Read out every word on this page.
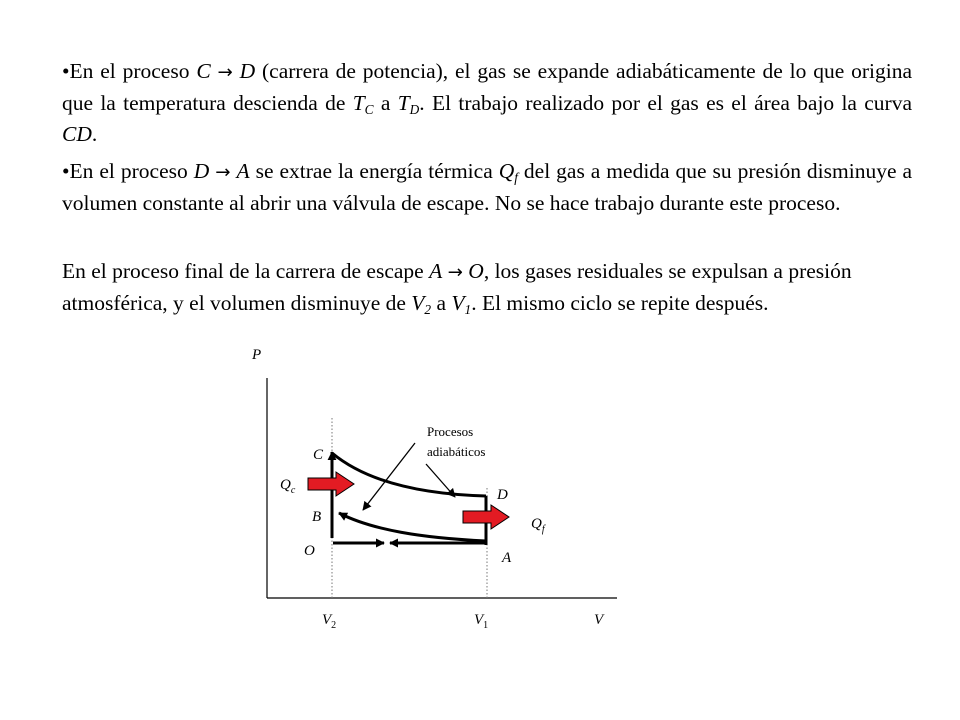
•En el proceso C → D (carrera de potencia), el gas se expande adiabáticamente de lo que origina que la temperatura descienda de $T_C$ a $T_D$. El trabajo realizado por el gas es el área bajo la curva CD.

•En el proceso D → A se extrae la energía térmica $Q_f$ del gas a medida que su presión disminuye a volumen constante al abrir una válvula de escape. No se hace trabajo durante este proceso.

En el proceso final de la carrera de escape A → O, los gases residuales se expulsan a presión atmosférica, y el volumen disminuye de $V_2$ a $V_1$. El mismo ciclo se repite después.

P
V
C
D
B
A
O
$Q_c$
$Q_f$
$V_2$	$V_1$
Procesos
adiabáticos
